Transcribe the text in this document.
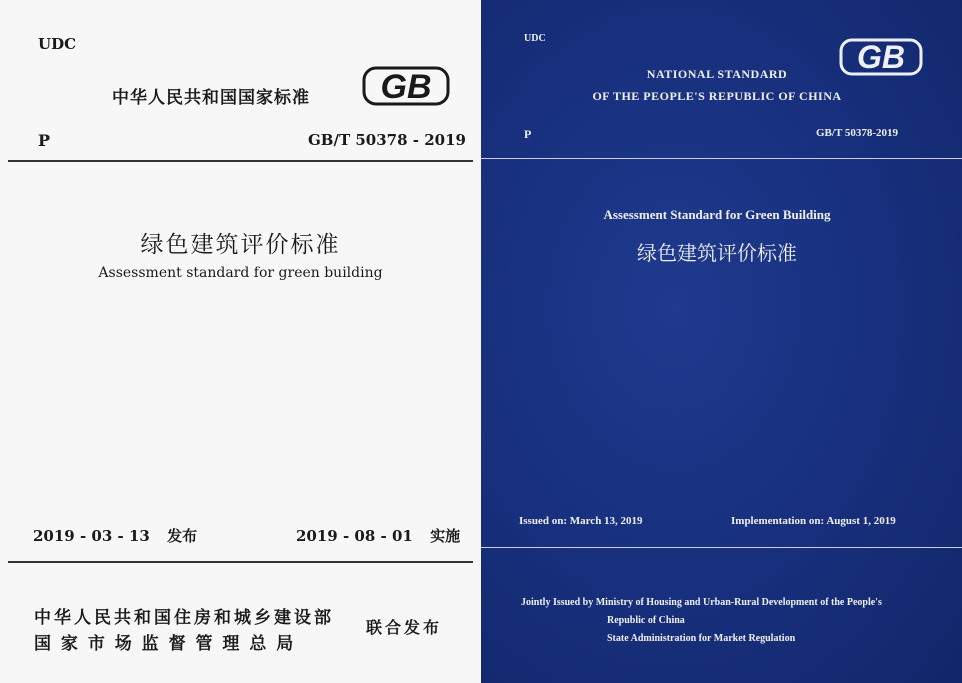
UDC
中华人民共和国国家标准 GB
P	GB/T 50378 - 2019
绿色建筑评价标准
Assessment standard for green building
2019 - 03 - 13 发布	2019 - 08 - 01 实施
中华人民共和国住房和城乡建设部
国 家 市 场 监 督 管 理 总 局
联合发布
UDC
GB
NATIONAL STANDARD
OF THE PEOPLE'S REPUBLIC OF CHINA
P	GB/T 50378-2019
Assessment Standard for Green Building
绿色建筑评价标准
Issued on: March 13, 2019	Implementation on: August 1, 2019
Jointly Issued by Ministry of Housing and Urban-Rural Development of the People's
Republic of China
State Administration for Market Regulation
